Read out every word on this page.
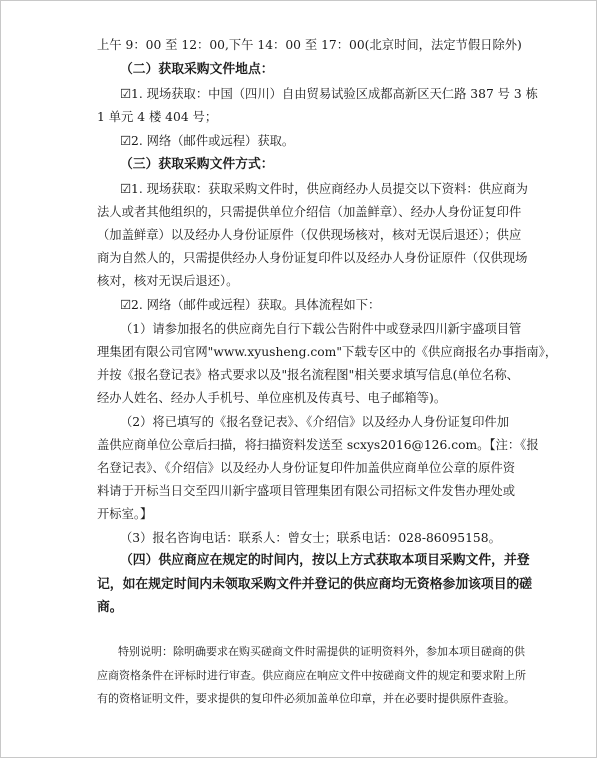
上午 9：00 至 12：00,下午 14：00 至 17：00(北京时间，法定节假日除外)
（二）获取采购文件地点：
☑1. 现场获取：中国（四川）自由贸易试验区成都高新区天仁路 387 号 3 栋
1 单元 4 楼 404 号；
☑2. 网络（邮件或远程）获取。
（三）获取采购文件方式：
☑1. 现场获取：获取采购文件时，供应商经办人员提交以下资料：供应商为
法人或者其他组织的，只需提供单位介绍信（加盖鲜章）、经办人身份证复印件
（加盖鲜章）以及经办人身份证原件（仅供现场核对，核对无误后退还）；供应
商为自然人的，只需提供经办人身份证复印件以及经办人身份证原件（仅供现场
核对，核对无误后退还）。
☑2. 网络（邮件或远程）获取。具体流程如下：
（1）请参加报名的供应商先自行下载公告附件中或登录四川新宇盛项目管
理集团有限公司官网"www.xyusheng.com"下载专区中的《供应商报名办事指南》，
并按《报名登记表》格式要求以及"报名流程图"相关要求填写信息(单位名称、
经办人姓名、经办人手机号、单位座机及传真号、电子邮箱等)。
（2）将已填写的《报名登记表》、《介绍信》以及经办人身份证复印件加
盖供应商单位公章后扫描，将扫描资料发送至 scxys2016@126.com。【注：《报
名登记表》、《介绍信》以及经办人身份证复印件加盖供应商单位公章的原件资
料请于开标当日交至四川新宇盛项目管理集团有限公司招标文件发售办理处或
开标室。】
（3）报名咨询电话：联系人：曾女士；联系电话：028-86095158。
（四）供应商应在规定的时间内，按以上方式获取本项目采购文件，并登
记，如在规定时间内未领取采购文件并登记的供应商均无资格参加该项目的磋
商。
特别说明：除明确要求在购买磋商文件时需提供的证明资料外，参加本项目磋商的供
应商资格条件在评标时进行审查。供应商应在响应文件中按磋商文件的规定和要求附上所
有的资格证明文件，要求提供的复印件必须加盖单位印章，并在必要时提供原件查验。
